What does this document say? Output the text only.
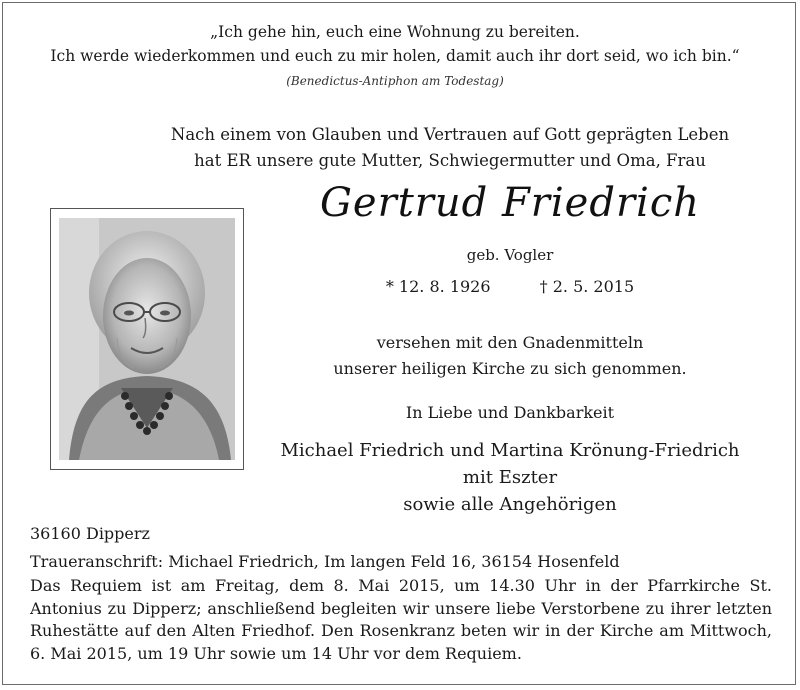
„Ich gehe hin, euch eine Wohnung zu bereiten.
Ich werde wiederkommen und euch zu mir holen, damit auch ihr dort seid, wo ich bin.“
(Benedictus-Antiphon am Todestag)
Nach einem von Glauben und Vertrauen auf Gott geprägten Leben
hat ER unsere gute Mutter, Schwiegermutter und Oma, Frau
Gertrud Friedrich
geb. Vogler
* 12. 8. 1926	† 2. 5. 2015
versehen mit den Gnadenmitteln
unserer heiligen Kirche zu sich genommen.
In Liebe und Dankbarkeit
Michael Friedrich und Martina Krönung-Friedrich
mit Eszter
sowie alle Angehörigen
36160 Dipperz
Traueranschrift: Michael Friedrich, Im langen Feld 16, 36154 Hosenfeld
Das Requiem ist am Freitag, dem 8. Mai 2015, um 14.30 Uhr in der Pfarrkirche St. Antonius zu Dipperz; anschließend begleiten wir unsere liebe Verstorbene zu ihrer letzten Ruhestätte auf den Alten Friedhof. Den Rosenkranz beten wir in der Kirche am Mittwoch, 6. Mai 2015, um 19 Uhr sowie um 14 Uhr vor dem Requiem.
